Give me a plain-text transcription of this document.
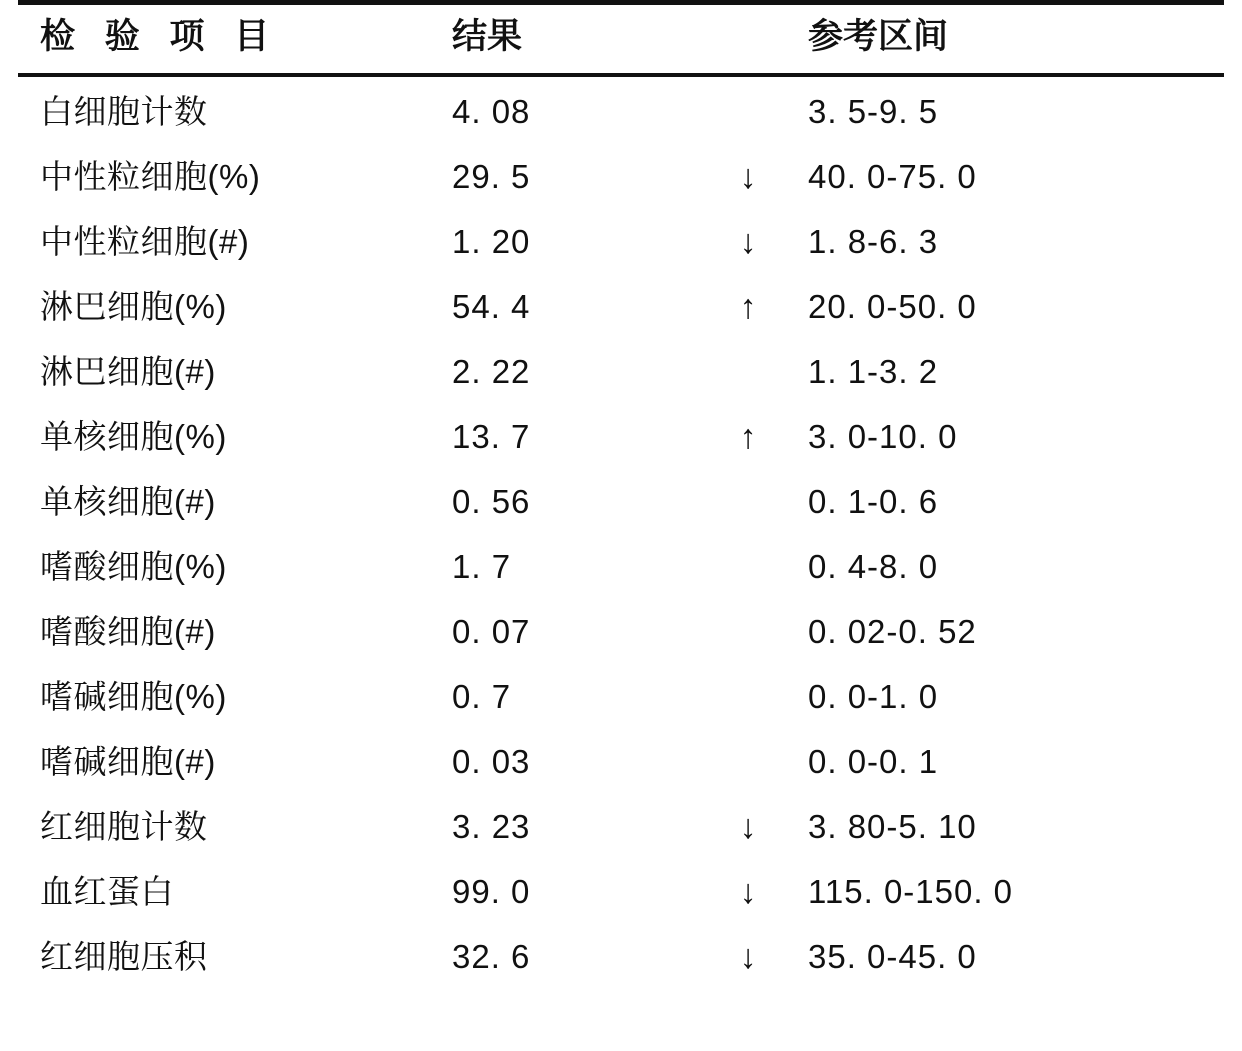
检 验 项 目	结果		参考区间
白细胞计数	4. 08		3. 5-9. 5
中性粒细胞(%)	29. 5	↓	40. 0-75. 0
中性粒细胞(#)	1. 20	↓	1. 8-6. 3
淋巴细胞(%)	54. 4	↑	20. 0-50. 0
淋巴细胞(#)	2. 22		1. 1-3. 2
单核细胞(%)	13. 7	↑	3. 0-10. 0
单核细胞(#)	0. 56		0. 1-0. 6
嗜酸细胞(%)	1. 7		0. 4-8. 0
嗜酸细胞(#)	0. 07		0. 02-0. 52
嗜碱细胞(%)	0. 7		0. 0-1. 0
嗜碱细胞(#)	0. 03		0. 0-0. 1
红细胞计数	3. 23	↓	3. 80-5. 10
血红蛋白	99. 0	↓	115. 0-150. 0
红细胞压积	32. 6	↓	35. 0-45. 0
